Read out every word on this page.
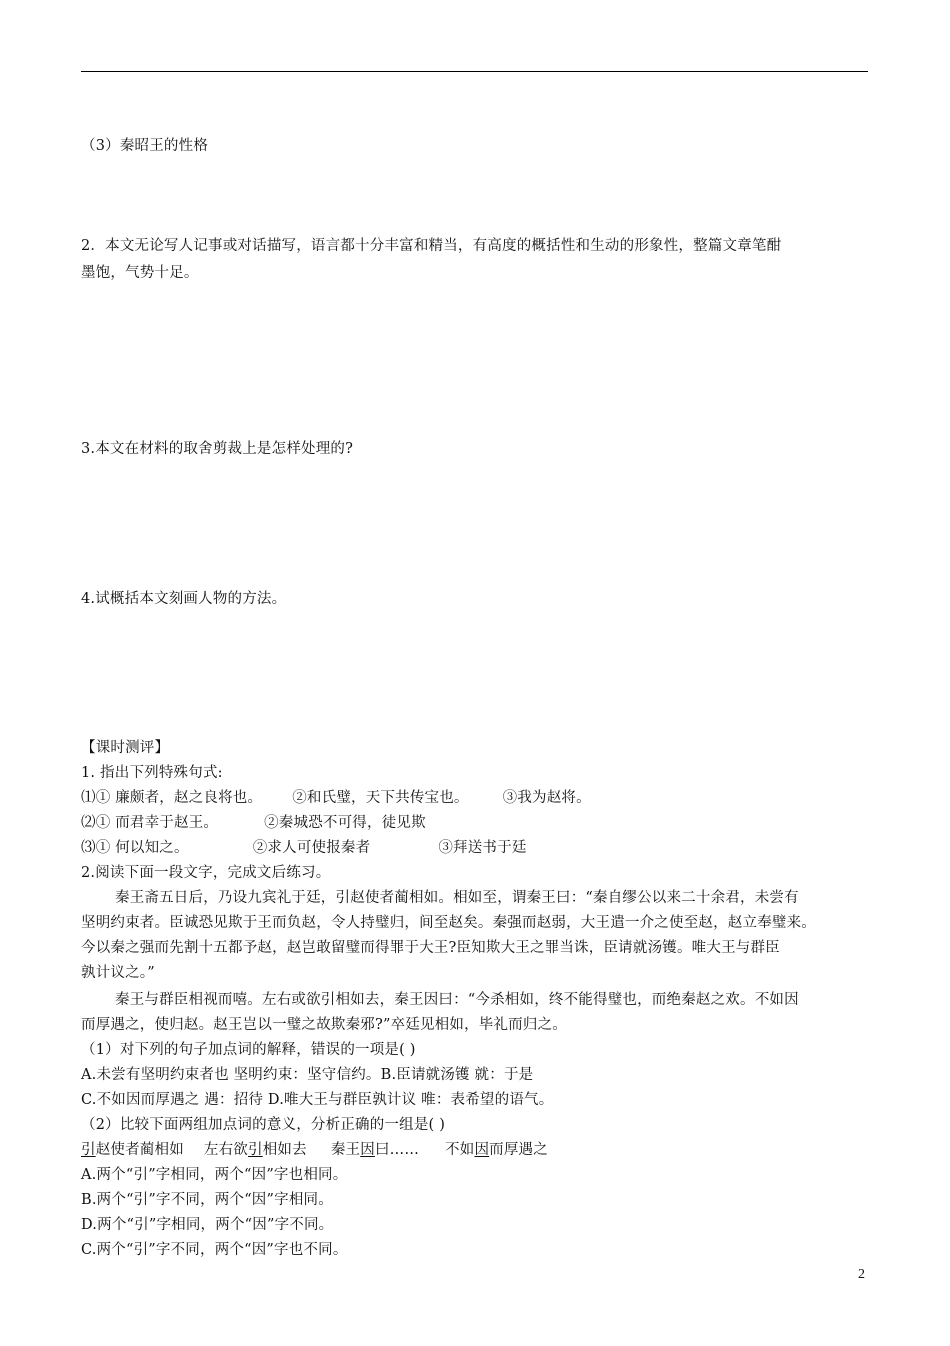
（3）秦昭王的性格
2．本文无论写人记事或对话描写，语言都十分丰富和精当，有高度的概括性和生动的形象性，整篇文章笔酣
墨饱，气势十足。
3.本文在材料的取舍剪裁上是怎样处理的?
4.试概括本文刻画人物的方法。
【课时测评】
1. 指出下列特殊句式:
⑴① 廉颇者，赵之良将也。 ②和氏璧，天下共传宝也。 ③我为赵将。
⑵① 而君幸于赵王。	②秦城恐不可得，徒见欺
⑶① 何以知之。	②求人可使报秦者	③拜送书于廷
2.阅读下面一段文字，完成文后练习。
秦王斋五日后，乃设九宾礼于廷，引赵使者蔺相如。相如至，谓秦王曰：“秦自缪公以来二十余君，未尝有
坚明约束者。臣诚恐见欺于王而负赵，令人持璧归，间至赵矣。秦强而赵弱，大王遣一介之使至赵，赵立奉璧来。
今以秦之强而先割十五都予赵，赵岂敢留璧而得罪于大王?臣知欺大王之罪当诛，臣请就汤镬。唯大王与群臣
孰计议之。”
秦王与群臣相视而嘻。左右或欲引相如去，秦王因曰：“今杀相如，终不能得璧也，而绝秦赵之欢。不如因
而厚遇之，使归赵。赵王岂以一璧之故欺秦邪?”卒廷见相如，毕礼而归之。
（1）对下列的句子加点词的解释，错误的一项是( )
A.未尝有坚明约束者也 坚明约束：坚守信约。B.臣请就汤镬 就：于是
C.不如因而厚遇之 遇：招待 D.唯大王与群臣孰计议 唯：表希望的语气。
（2）比较下面两组加点词的意义，分析正确的一组是( )
引赵使者蔺相如 左右欲引相如去 秦王因曰…… 不如因而厚遇之
A.两个“引”字相同，两个“因”字也相同。
B.两个“引”字不同，两个“因”字相同。
D.两个“引”字相同，两个“因”字不同。
C.两个“引”字不同，两个“因”字也不同。
2
